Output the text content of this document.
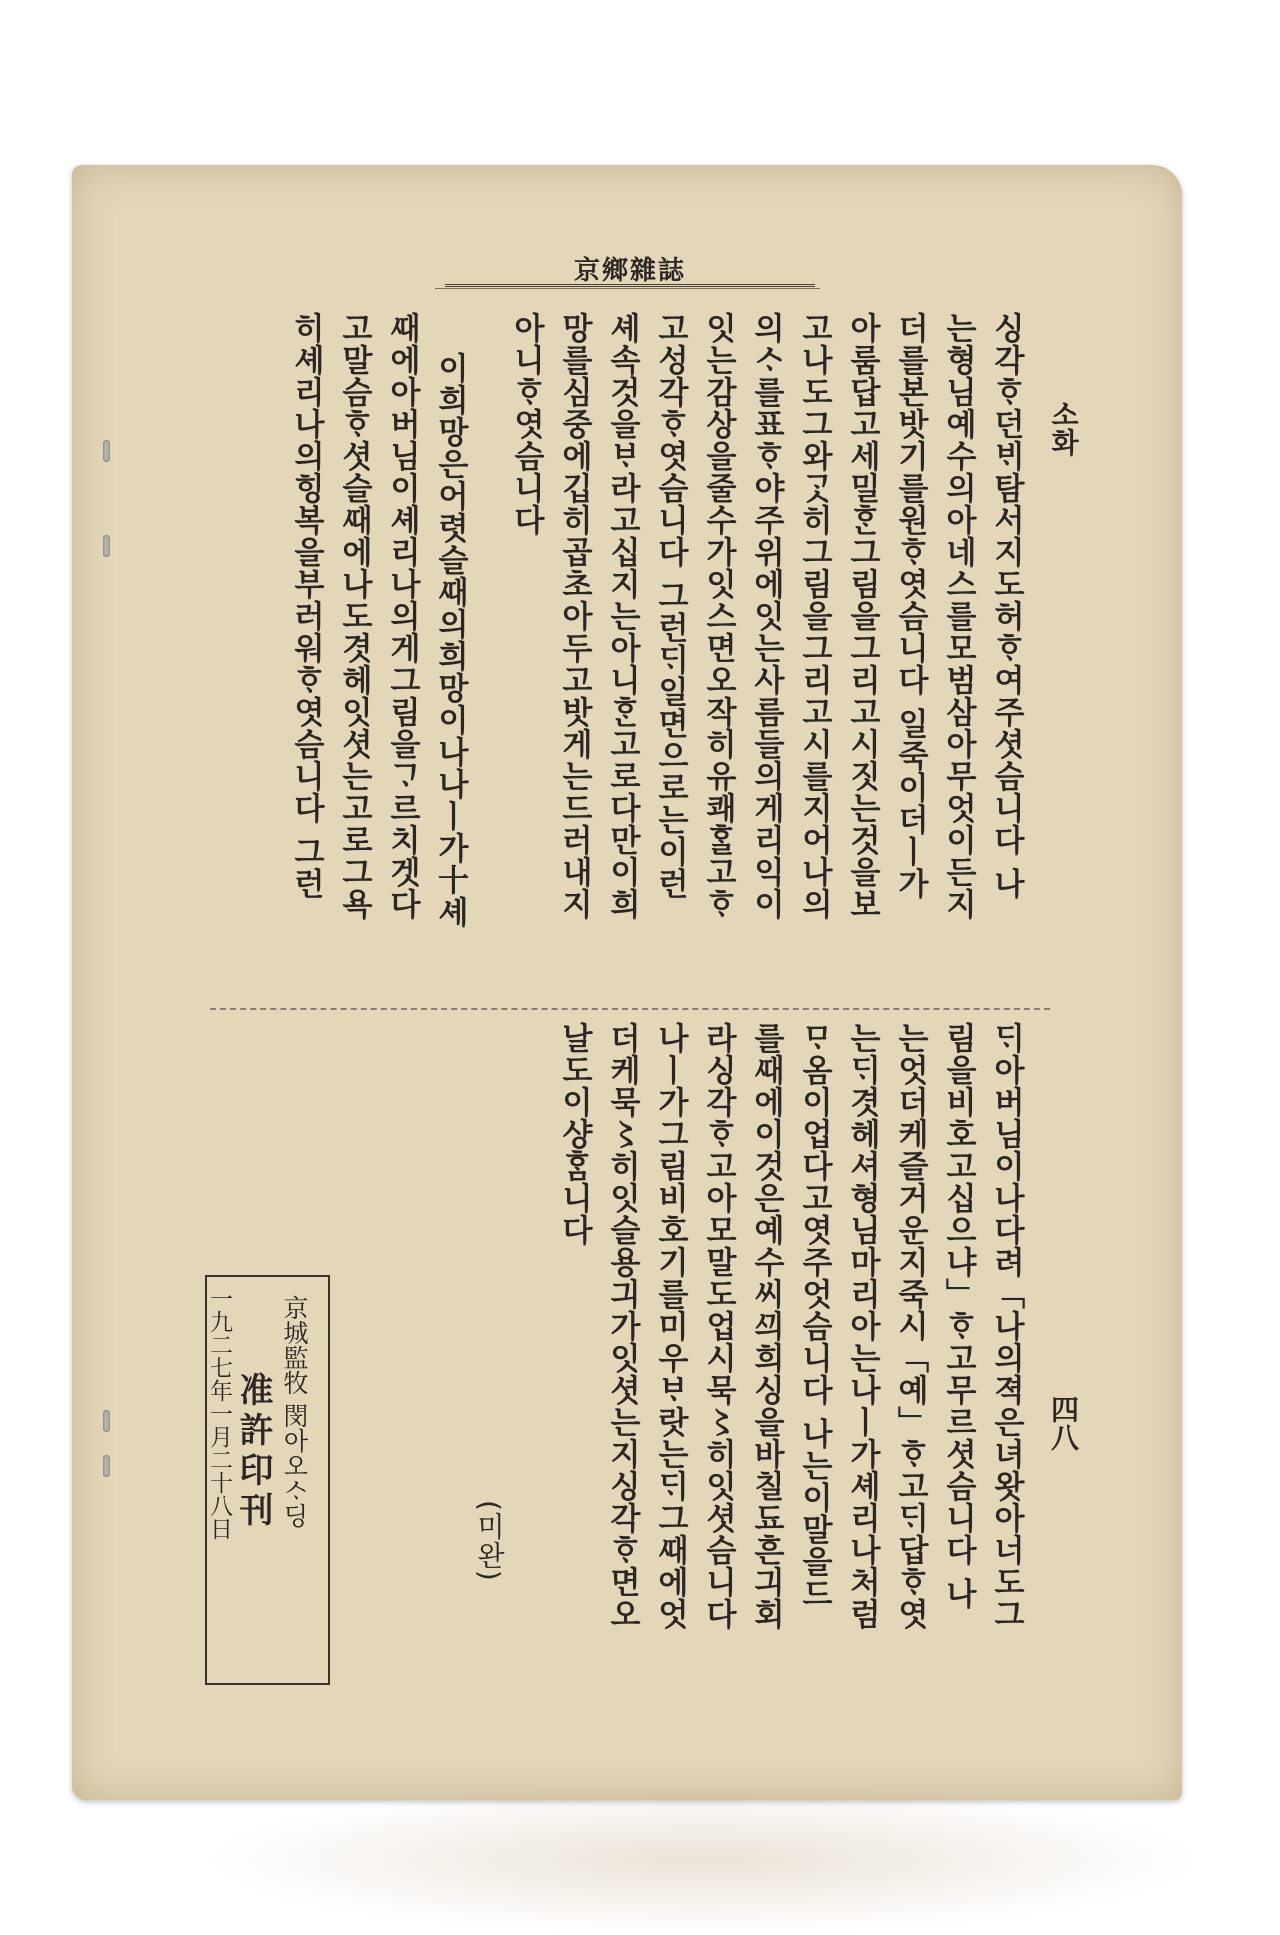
誌雜鄉京
소화
四八
싱각ᄒᆞ던ᄇᆡ탐서지도허ᄒᆞ여주셧슴니다 나
는형님예수의아네스를모범삼아무엇이든지
더를본밧기를원ᄒᆞ엿슴니다 일죽이더ㅣ가
아룸답고세밀ᄒᆞᆫ그림을그리고시짓는것을보
고나도그와ᄀᆞᆺ히그림을그리고시를지어나의
의ᄉᆞ를표ᄒᆞ야주위에잇는사름들의게리익이
잇는감상을줄수가잇스면오작히유쾌ᄒᆞᆯ고ᄒᆞ
고성각ᄒᆞ엿슴니다 그런ᄃᆡ일면으로는이런
셰속것을ᄇᆞ라고십지는아니ᄒᆞᆫ고로다만이희
망를심중에깁히곱초아두고밧게는드러내지
아니ᄒᆞ엿슴니다
이희망은어렷슬ᄯᅢ의희망이나나ㅣ가十셰
ᄯᅢ에아버님이셰리나의게그림을ᄀᆞ르치겟다
고말슴ᄒᆞ셧슬ᄯᅢ에나도겻헤잇셧는고로그욕
히셰리나의힝복을부러워ᄒᆞ엿슴니다 그런
ᄃᆡ아버님이나다려「나의젹은녀왓아너도그
림을비호고십으냐」ᄒᆞ고무르셧슴니다 나
는엇더케즐거운지죽시「예」ᄒᆞ고ᄃᆡ답ᄒᆞ엿
는ᄃᆡ겻헤셔형님마리아는나ㅣ가셰리나처럼
ᄆᆞ옴이업다고엿주엇슴니다 나는이말을드
를ᄯᅢ에이것은예수씨ᄭᅴ희싱을바칠됴흔긔회
라싱각ᄒᆞ고아모말도업시묵〻히잇셧슴니다
나ㅣ가그림비호기를미우ᄇᆞ랏는ᄃᆡ그ᄯᅢ에엇
더케묵〻히잇슬용긔가잇셧는지싱각ᄒᆞ면오
날도이샹ᄒᆞᆷ니다
(미완)
京城監牧 閔아오ᄉᆞ딩
准許印刊
一九二七年一月二十八日
